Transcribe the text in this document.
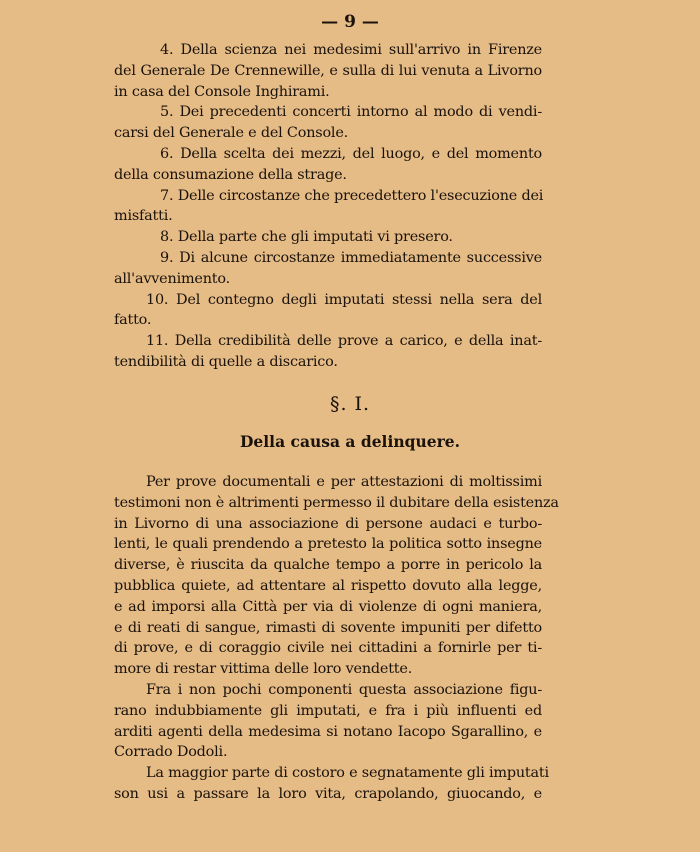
— 9 —
4. Della scienza nei medesimi sull'arrivo in Firenze
del Generale De Crennewille, e sulla di lui venuta a Livorno
in casa del Console Inghirami.
5. Dei precedenti concerti intorno al modo di vendi-
carsi del Generale e del Console.
6. Della scelta dei mezzi, del luogo, e del momento
della consumazione della strage.
7. Delle circostanze che precedettero l'esecuzione dei
misfatti.
8. Della parte che gli imputati vi presero.
9. Di alcune circostanze immediatamente successive
all'avvenimento.
10. Del contegno degli imputati stessi nella sera del
fatto.
11. Della credibilità delle prove a carico, e della inat-
tendibilità di quelle a discarico.
§. I.
Della causa a delinquere.
Per prove documentali e per attestazioni di moltissimi
testimoni non è altrimenti permesso il dubitare della esistenza
in Livorno di una associazione di persone audaci e turbo-
lenti, le quali prendendo a pretesto la politica sotto insegne
diverse, è riuscita da qualche tempo a porre in pericolo la
pubblica quiete, ad attentare al rispetto dovuto alla legge,
e ad imporsi alla Città per via di violenze di ogni maniera,
e di reati di sangue, rimasti di sovente impuniti per difetto
di prove, e di coraggio civile nei cittadini a fornirle per ti-
more di restar vittima delle loro vendette.
Fra i non pochi componenti questa associazione figu-
rano indubbiamente gli imputati, e fra i più influenti ed
arditi agenti della medesima si notano Iacopo Sgarallino, e
Corrado Dodoli.
La maggior parte di costoro e segnatamente gli imputati
son usi a passare la loro vita, crapolando, giuocando, e
